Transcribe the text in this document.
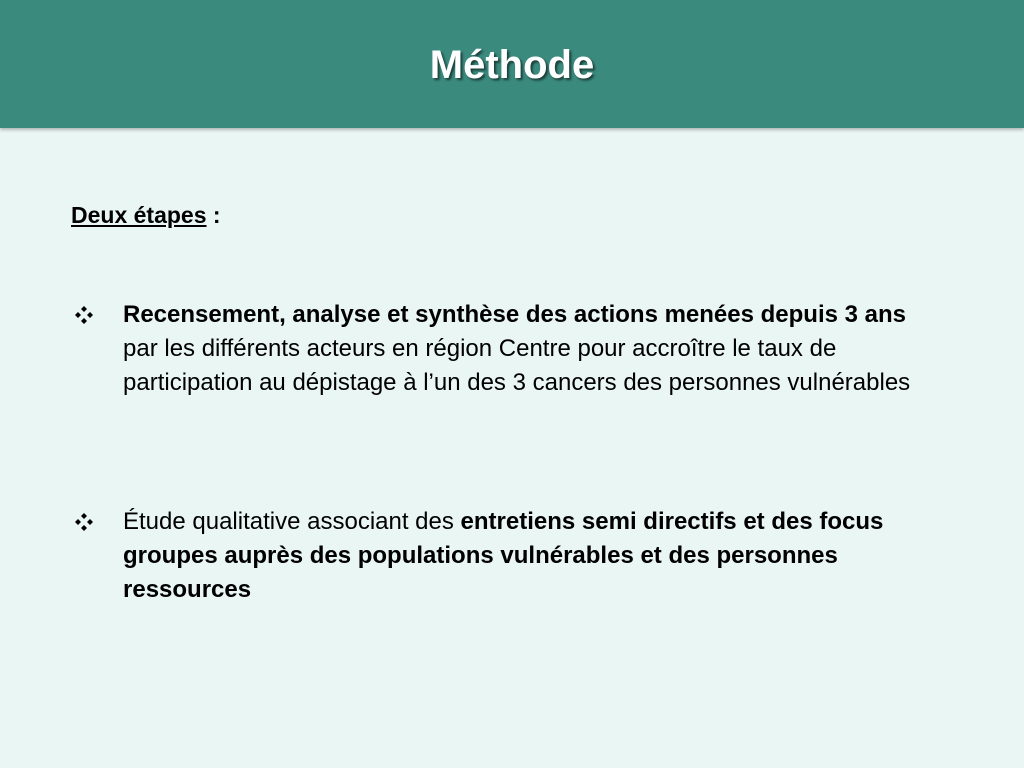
Méthode
Deux étapes :
Recensement, analyse et synthèse des actions menées depuis 3 ans par les différents acteurs en région Centre pour accroître le taux de participation au dépistage à l’un des 3 cancers des personnes vulnérables
Étude qualitative associant des entretiens semi directifs et des focus groupes auprès des populations vulnérables et des personnes ressources
